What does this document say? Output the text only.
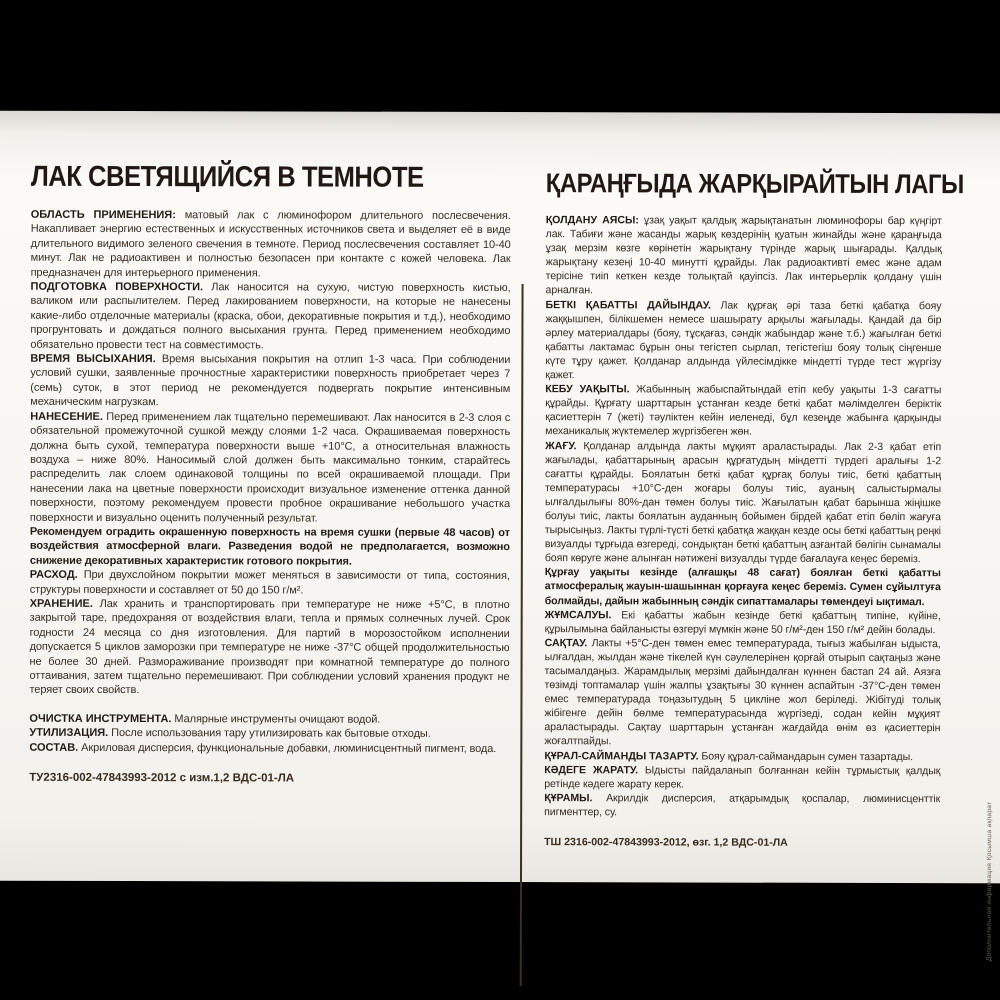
ЛАК СВЕТЯЩИЙСЯ В ТЕМНОТЕ

ОБЛАСТЬ ПРИМЕНЕНИЯ: матовый лак с люминофором длительного послесвечения. Накапливает энергию естественных и искусственных источников света и выделяет её в виде длительного видимого зеленого свечения в темноте. Период послесвечения составляет 10-40 минут. Лак не радиоактивен и полностью безопасен при контакте с кожей человека. Лак предназначен для интерьерного применения.

ПОДГОТОВКА ПОВЕРХНОСТИ. Лак наносится на сухую, чистую поверхность кистью, валиком или распылителем. Перед лакированием поверхности, на которые не нанесены какие-либо отделочные материалы (краска, обои, декоративные покрытия и т.д.), необходимо прогрунтовать и дождаться полного высыхания грунта. Перед применением необходимо обязательно провести тест на совместимость.

ВРЕМЯ ВЫСЫХАНИЯ. Время высыхания покрытия на отлип 1-3 часа. При соблюдении условий сушки, заявленные прочностные характеристики поверхность приобретает через 7 (семь) суток, в этот период не рекомендуется подвергать покрытие интенсивным механическим нагрузкам.

НАНЕСЕНИЕ. Перед применением лак тщательно перемешивают. Лак наносится в 2-3 слоя с обязательной промежуточной сушкой между слоями 1-2 часа. Окрашиваемая поверхность должна быть сухой, температура поверхности выше +10°С, а относительная влажность воздуха – ниже 80%. Наносимый слой должен быть максимально тонким, старайтесь распределить лак слоем одинаковой толщины по всей окрашиваемой площади. При нанесении лака на цветные поверхности происходит визуальное изменение оттенка данной поверхности, поэтому рекомендуем провести пробное окрашивание небольшого участка поверхности и визуально оценить полученный результат.

Рекомендуем оградить окрашенную поверхность на время сушки (первые 48 часов) от воздействия атмосферной влаги. Разведения водой не предполагается, возможно снижение декоративных характеристик готового покрытия.

РАСХОД. При двухслойном покрытии может меняться в зависимости от типа, состояния, структуры поверхности и составляет от 50 до 150 г/м².

ХРАНЕНИЕ. Лак хранить и транспортировать при температуре не ниже +5°С, в плотно закрытой таре, предохраняя от воздействия влаги, тепла и прямых солнечных лучей. Срок годности 24 месяца со дня изготовления. Для партий в морозостойком исполнении допускается 5 циклов заморозки при температуре не ниже -37°С общей продолжительностью не более 30 дней. Размораживание производят при комнатной температуре до полного оттаивания, затем тщательно перемешивают. При соблюдении условий хранения продукт не теряет своих свойств.

ОЧИСТКА ИНСТРУМЕНТА. Малярные инструменты очищают водой.

УТИЛИЗАЦИЯ. После использования тару утилизировать как бытовые отходы.

СОСТАВ. Акриловая дисперсия, функциональные добавки, люминисцентный пигмент, вода.

ТУ2316-002-47843993-2012 с изм.1,2 ВДС-01-ЛА

ҚАРАҢҒЫДА ЖАРҚЫРАЙТЫН ЛАГЫ

ҚОЛДАНУ АЯСЫ: ұзақ уақыт қалдық жарықтанатын люминофоры бар күңгірт лак. Табиғи және жасанды жарық көздерінің қуатын жинайды және қараңғыда ұзақ мерзім көзге көрінетін жарықтану түрінде жарық шығарады. Қалдық жарықтану кезеңі 10-40 минутті құрайды. Лак радиоактивті емес және адам терісіне тиіп кеткен кезде толықтай қауіпсіз. Лак интерьерлік қолдану үшін арналған.

БЕТКІ ҚАБАТТЫ ДАЙЫНДАУ. Лак құрғақ әрі таза беткі қабатқа бояу жаққышпен, білікшемен немесе шашырату арқылы жағылады. Қандай да бір әрлеу материалдары (бояу, тұсқағаз, сәндік жабындар және т.б.) жағылған беткі қабатты лактамас бұрын оны тегістеп сырлап, тегістегіш бояу толық сіңгенше күте тұру қажет. Қолданар алдында үйлесімдікке міндетті түрде тест жүргізу қажет.

КЕБУ УАҚЫТЫ. Жабынның жабыспайтындай етіп кебу уақыты 1-3 сағатты құрайды. Құрғату шарттарын ұстанған кезде беткі қабат мәлімделген беріктік қасиеттерін 7 (жеті) тәуліктен кейін иеленеді, бұл кезеңде жабынға қарқынды механикалық жүктемелер жүргізбеген жөн.

ЖАҒУ. Қолданар алдында лакты мұқият араластырады. Лак 2-3 қабат етіп жағылады, қабаттарының арасын құрғатудың міндетті түрдегі аралығы 1-2 сағатты құрайды. Боялатын беткі қабат құрғақ болуы тиіс, беткі қабаттың температурасы +10°С-ден жоғары болуы тиіс, ауаның салыстырмалы ылғалдылығы 80%-дан төмен болуы тиіс. Жағылатын қабат барынша жіңішке болуы тиіс, лакты боялатын ауданның бойымен бірдей қабат етіп бөліп жағуға тырысыңыз. Лакты түрлі-түсті беткі қабатқа жаққан кезде осы беткі қабаттың реңкі визуалды тұрғыда өзгереді, сондықтан беткі қабаттың азғантай бөлігін сынамалы бояп көруге және алынған нәтижені визуалды түрде бағалауға кеңес береміз.

Құрғау уақыты кезінде (алғашқы 48 сағат) боялған беткі қабатты атмосфералық жауын-шашыннан қорғауға кеңес береміз. Сумен сұйылтуға болмайды, дайын жабынның сәндік сипаттамалары төмендеуі ықтимал.

ЖҰМСАЛУЫ. Екі қабатты жабын кезінде беткі қабаттың типіне, күйіне, құрылымына байланысты өзгеруі мүмкін және 50 г/м²-ден 150 г/м² дейін болады.

САҚТАУ. Лакты +5°С-ден төмен емес температурада, тығыз жабылған ыдыста, ылғалдан, жылдан және тікелей күн сәулелерінен қорғай отырып сақтаңыз және тасымалдаңыз. Жарамдылық мерзімі дайындалған күннен бастап 24 ай. Аязға төзімді топтамалар үшін жалпы ұзақтығы 30 күннен аспайтын -37°С-ден төмен емес температурада тоңазытудың 5 цикліне жол беріледі. Жібітуді толық жібігенге дейін бөлме температурасында жүргізеді, содан кейін мұқият араластырады. Сақтау шарттарын ұстанған жағдайда өнім өз қасиеттерін жоғалтпайды.

ҚҰРАЛ-САЙМАНДЫ ТАЗАРТУ. Бояу құрал-саймандарын сумен тазартады.

КӘДЕГЕ ЖАРАТУ. Ыдысты пайдаланып болғаннан кейін тұрмыстық қалдық ретінде кәдеге жарату керек.

ҚҰРАМЫ. Акрилдік дисперсия, атқарымдық қоспалар, люминисценттік пигменттер, су.

ТШ 2316-002-47843993-2012, өзг. 1,2 ВДС-01-ЛА

Дополнительная информация Қосымша ақпарат
